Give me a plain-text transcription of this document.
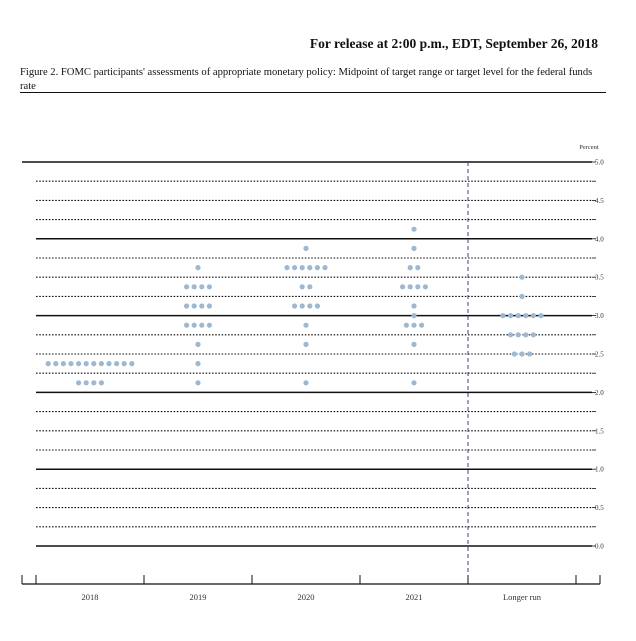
For release at 2:00 p.m., EDT, September 26, 2018
Figure 2. FOMC participants' assessments of appropriate monetary policy: Midpoint of target range or target level for the federal funds rate
0.0
0.5
1.0
1.5
2.0
2.5
3.0
3.5
4.0
4.5
5.0
Percent
2018	2019	2020	2021	Longer run
